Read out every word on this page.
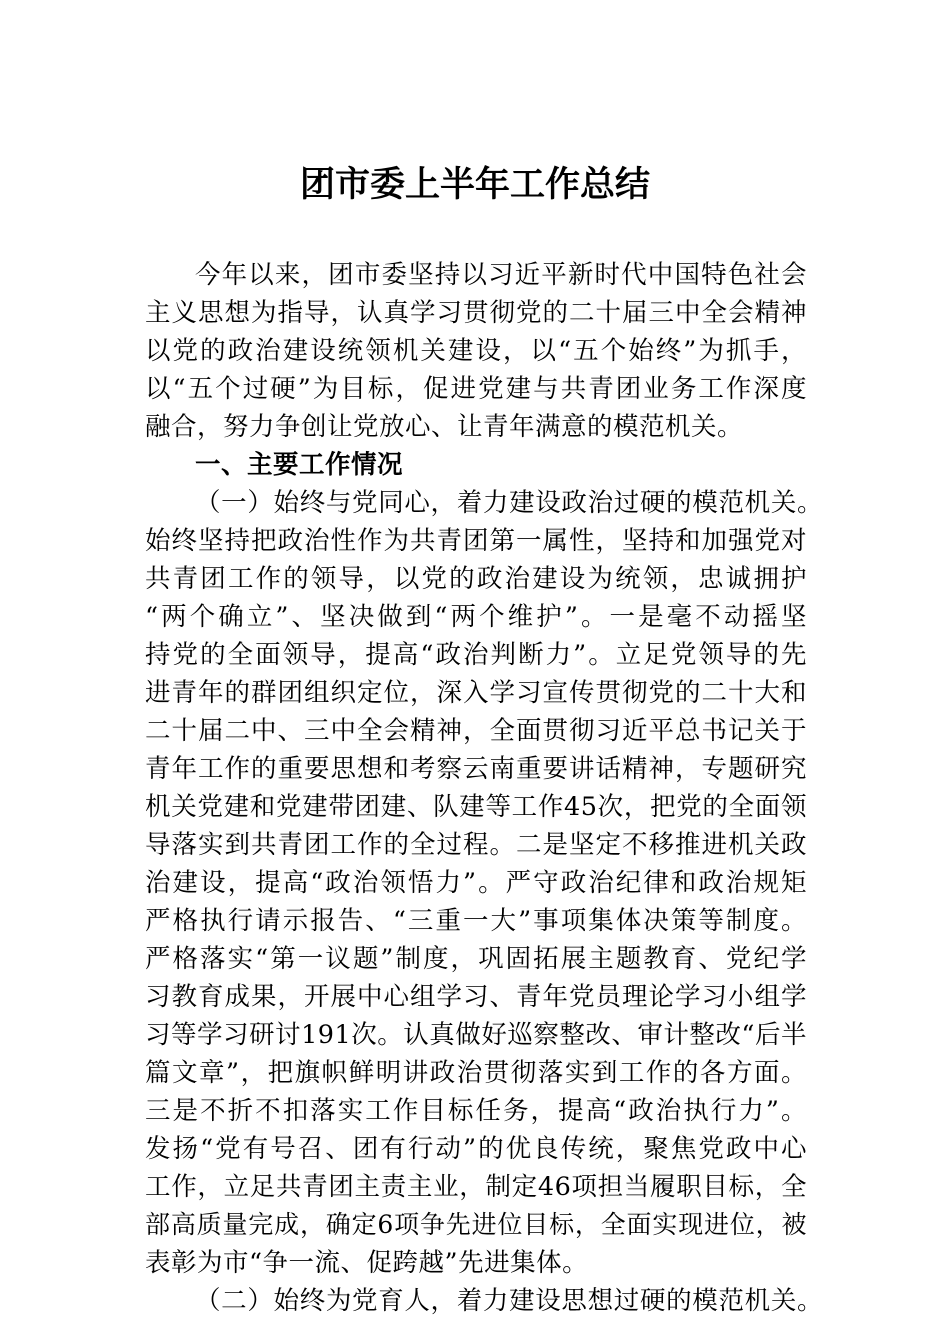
团市委上半年工作总结
今年以来，团市委坚持以习近平新时代中国特色社会
主义思想为指导，认真学习贯彻党的二十届三中全会精神
以党的政治建设统领机关建设，以“五个始终”为抓手，
以“五个过硬”为目标，促进党建与共青团业务工作深度
融合，努力争创让党放心、让青年满意的模范机关。
一、主要工作情况
（一）始终与党同心，着力建设政治过硬的模范机关。
始终坚持把政治性作为共青团第一属性，坚持和加强党对
共青团工作的领导，以党的政治建设为统领，忠诚拥护
“两个确立”、坚决做到“两个维护”。一是毫不动摇坚
持党的全面领导，提高“政治判断力”。立足党领导的先
进青年的群团组织定位，深入学习宣传贯彻党的二十大和
二十届二中、三中全会精神，全面贯彻习近平总书记关于
青年工作的重要思想和考察云南重要讲话精神，专题研究
机关党建和党建带团建、队建等工作45次，把党的全面领
导落实到共青团工作的全过程。二是坚定不移推进机关政
治建设，提高“政治领悟力”。严守政治纪律和政治规矩
严格执行请示报告、“三重一大”事项集体决策等制度。
严格落实“第一议题”制度，巩固拓展主题教育、党纪学
习教育成果，开展中心组学习、青年党员理论学习小组学
习等学习研讨191次。认真做好巡察整改、审计整改“后半
篇文章”，把旗帜鲜明讲政治贯彻落实到工作的各方面。
三是不折不扣落实工作目标任务，提高“政治执行力”。
发扬“党有号召、团有行动”的优良传统，聚焦党政中心
工作，立足共青团主责主业，制定46项担当履职目标，全
部高质量完成，确定6项争先进位目标，全面实现进位，被
表彰为市“争一流、促跨越”先进集体。
（二）始终为党育人，着力建设思想过硬的模范机关。
